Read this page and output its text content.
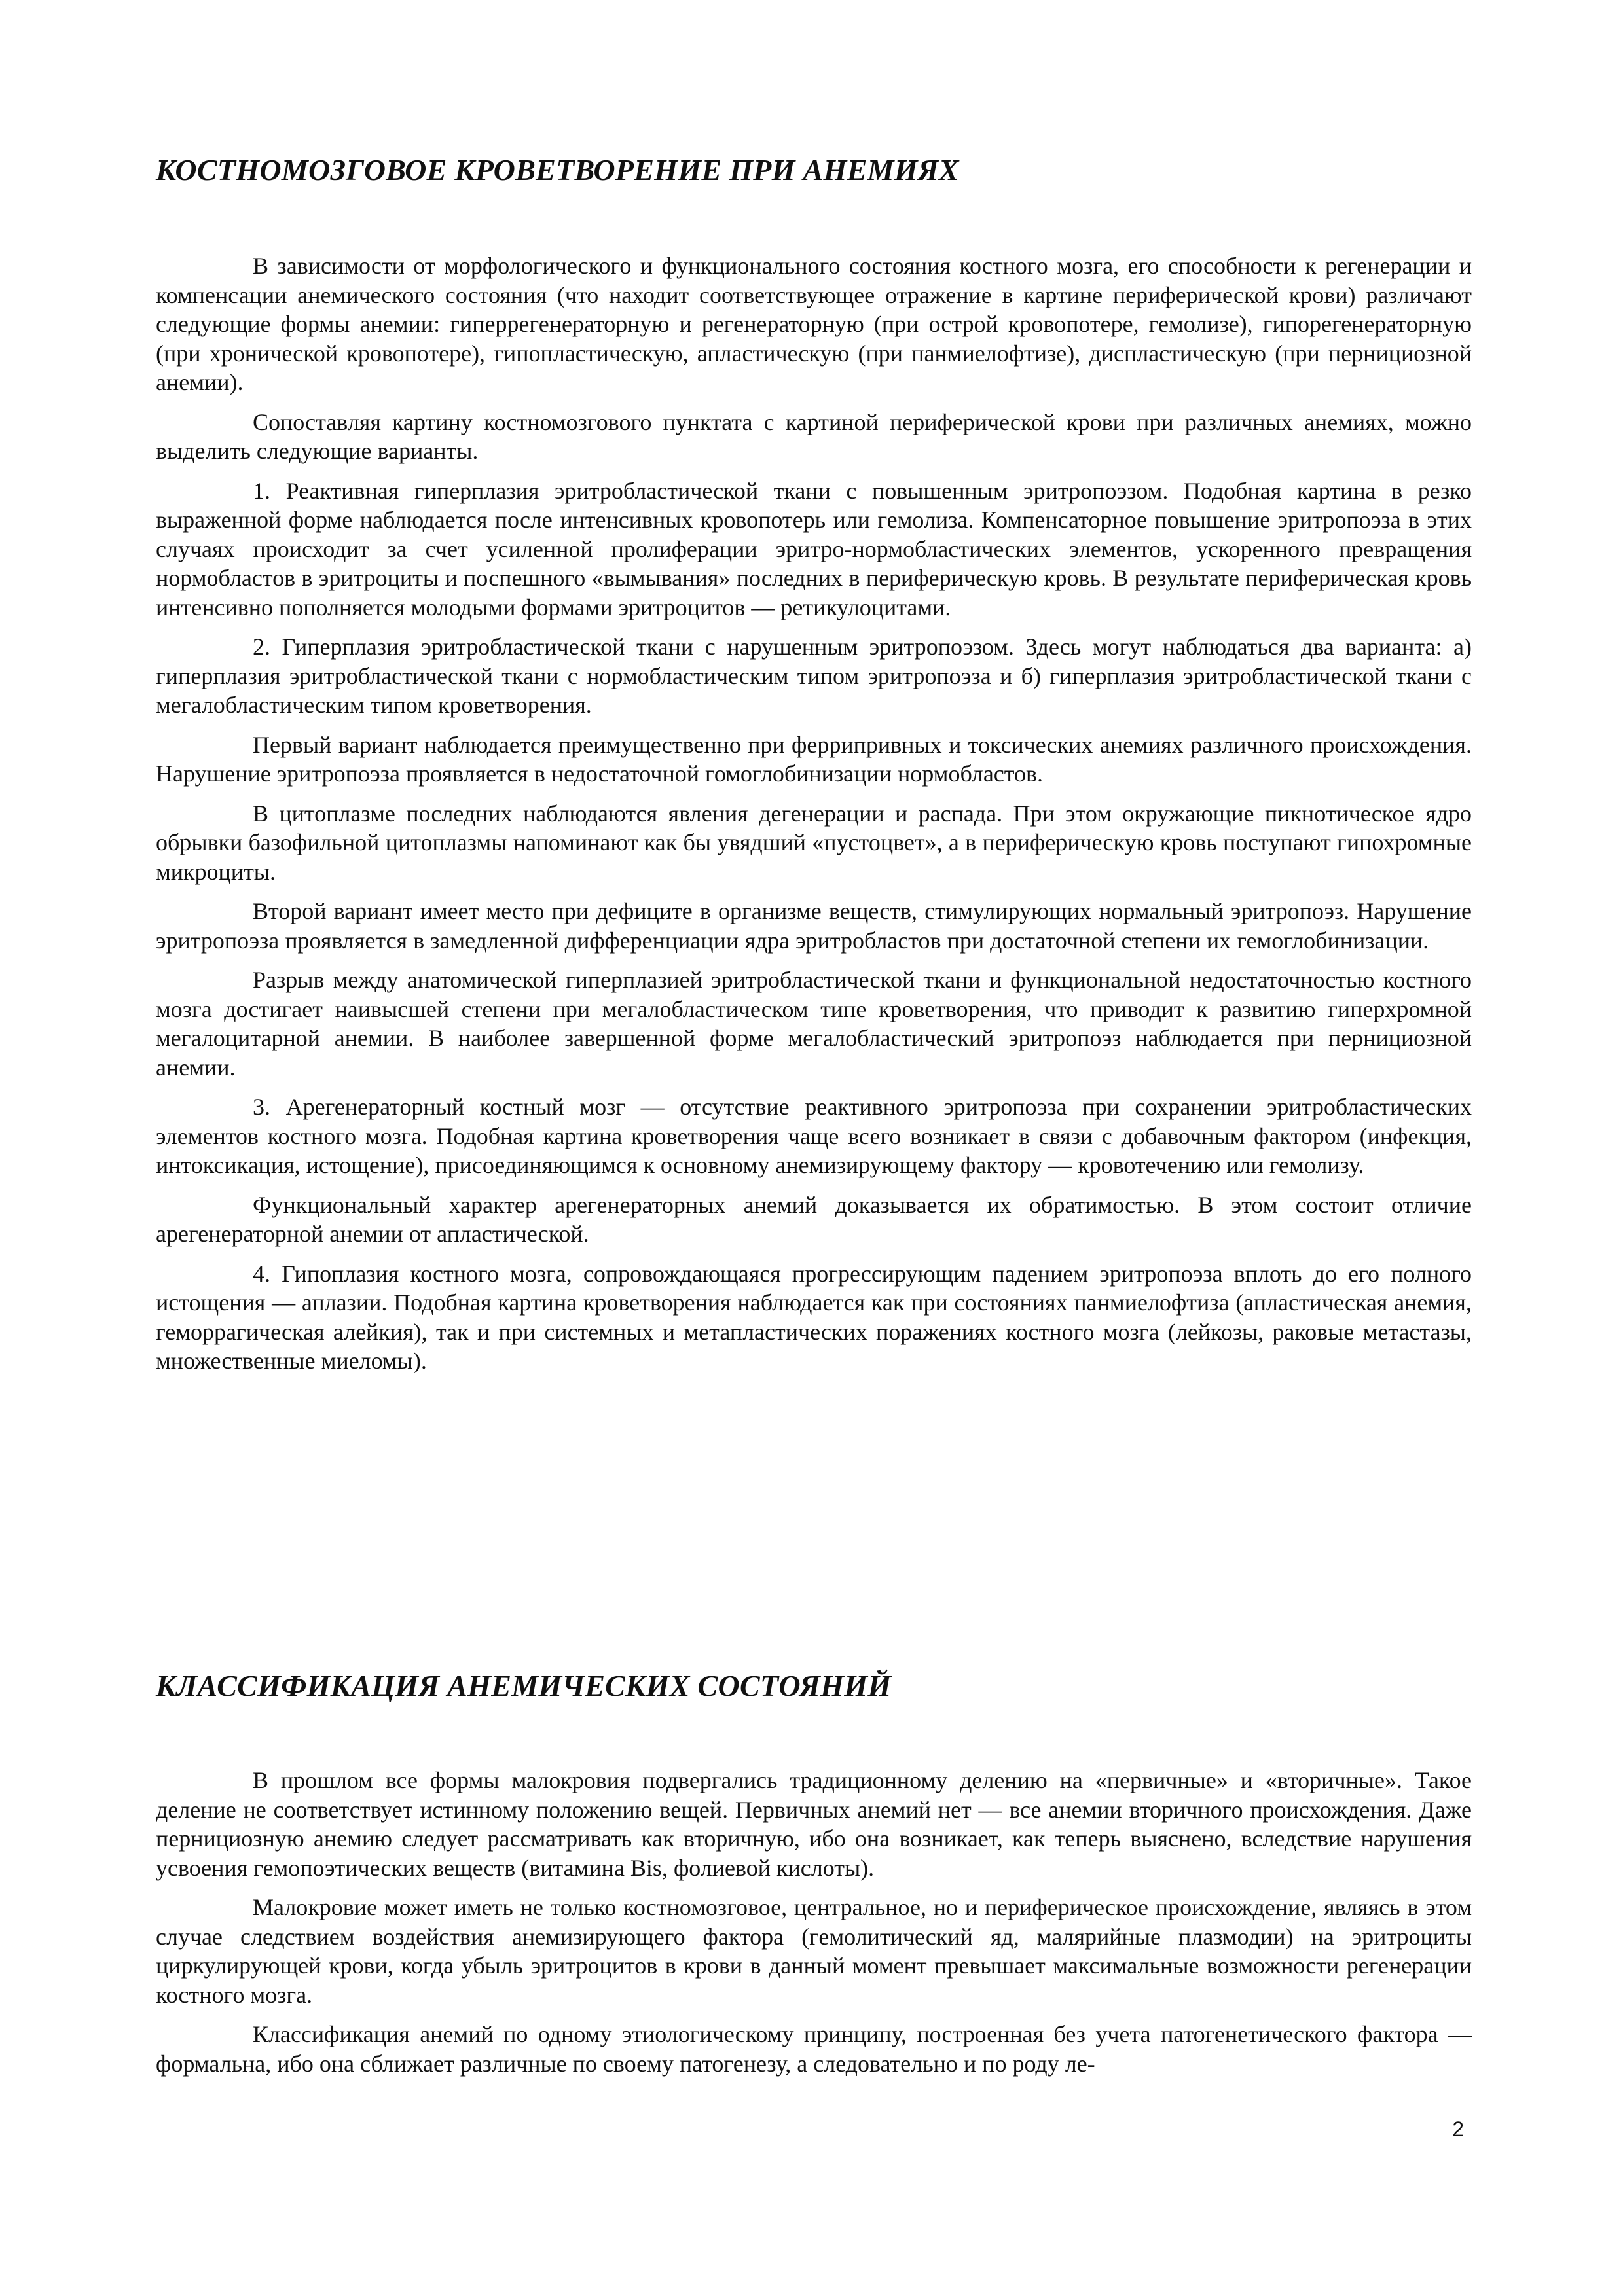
КОСТНОМОЗГОВОЕ КРОВЕТВОРЕНИЕ ПРИ АНЕМИЯХ

В зависимости от морфологического и функционального состояния костного мозга, его способности к регенерации и компенсации анемического состояния (что находит соответствующее отражение в картине периферической крови) различают следующие формы анемии: гиперрегенераторную и регенераторную (при острой кровопотере, гемолизе), гипорегенераторную (при хронической кровопотере), гипопластическую, апластическую (при панмиелофтизе), диспластическую (при пернициозной анемии).

Сопоставляя картину костномозгового пунктата с картиной периферической крови при различных анемиях, можно выделить следующие варианты.

1. Реактивная гиперплазия эритробластической ткани с повышенным эритропоэзом. Подобная картина в резко выраженной форме наблюдается после интенсивных кровопотерь или гемолиза. Компенсаторное повышение эритропоэза в этих случаях происходит за счет усиленной пролиферации эритро-нормобластических элементов, ускоренного превращения нормобластов в эритроциты и поспешного «вымывания» последних в периферическую кровь. В результате периферическая кровь интенсивно пополняется молодыми формами эритроцитов — ретикулоцитами.

2. Гиперплазия эритробластической ткани с нарушенным эритропоэзом. Здесь могут наблюдаться два варианта: а) гиперплазия эритробластической ткани с нормобластическим типом эритропоэза и б) гиперплазия эритробластической ткани с мегалобластическим типом кроветворения.

Первый вариант наблюдается преимущественно при феррипривных и токсических анемиях различного происхождения. Нарушение эритропоэза проявляется в недостаточной гомоглобинизации нормобластов.

В цитоплазме последних наблюдаются явления дегенерации и распада. При этом окружающие пикнотическое ядро обрывки базофильной цитоплазмы напоминают как бы увядший «пустоцвет», а в периферическую кровь поступают гипохромные микроциты.

Второй вариант имеет место при дефиците в организме веществ, стимулирующих нормальный эритропоэз. Нарушение эритропоэза проявляется в замедленной дифференциации ядра эритробластов при достаточной степени их гемоглобинизации.

Разрыв между анатомической гиперплазией эритробластической ткани и функциональной недостаточностью костного мозга достигает наивысшей степени при мегалобластическом типе кроветворения, что приводит к развитию гиперхромной мегалоцитарной анемии. В наиболее завершенной форме мегалобластический эритропоэз наблюдается при пернициозной анемии.

3. Арегенераторный костный мозг — отсутствие реактивного эритропоэза при сохранении эритробластических элементов костного мозга. Подобная картина кроветворения чаще всего возникает в связи с добавочным фактором (инфекция, интоксикация, истощение), присоединяющимся к основному анемизирующему фактору — кровотечению или гемолизу.

Функциональный характер арегенераторных анемий доказывается их обратимостью. В этом состоит отличие арегенераторной анемии от апластической.

4. Гипоплазия костного мозга, сопровождающаяся прогрессирующим падением эритропоэза вплоть до его полного истощения — аплазии. Подобная картина кроветворения наблюдается как при состояниях панмиелофтиза (апластическая анемия, геморрагическая алейкия), так и при системных и метапластических поражениях костного мозга (лейкозы, раковые метастазы, множественные миеломы).

КЛАССИФИКАЦИЯ АНЕМИЧЕСКИХ СОСТОЯНИЙ

В прошлом все формы малокровия подвергались традиционному делению на «первичные» и «вторичные». Такое деление не соответствует истинному положению вещей. Первичных анемий нет — все анемии вторичного происхождения. Даже пернициозную анемию следует рассматривать как вторичную, ибо она возникает, как теперь выяснено, вследствие нарушения усвоения гемопоэтических веществ (витамина Bis, фолиевой кислоты).

Малокровие может иметь не только костномозговое, центральное, но и периферическое происхождение, являясь в этом случае следствием воздействия анемизирующего фактора (гемолитический яд, малярийные плазмодии) на эритроциты циркулирующей крови, когда убыль эритроцитов в крови в данный момент превышает максимальные возможности регенерации костного мозга.

Классификация анемий по одному этиологическому принципу, построенная без учета патогенетического фактора — формальна, ибо она сближает различные по своему патогенезу, а следовательно и по роду ле-

2
